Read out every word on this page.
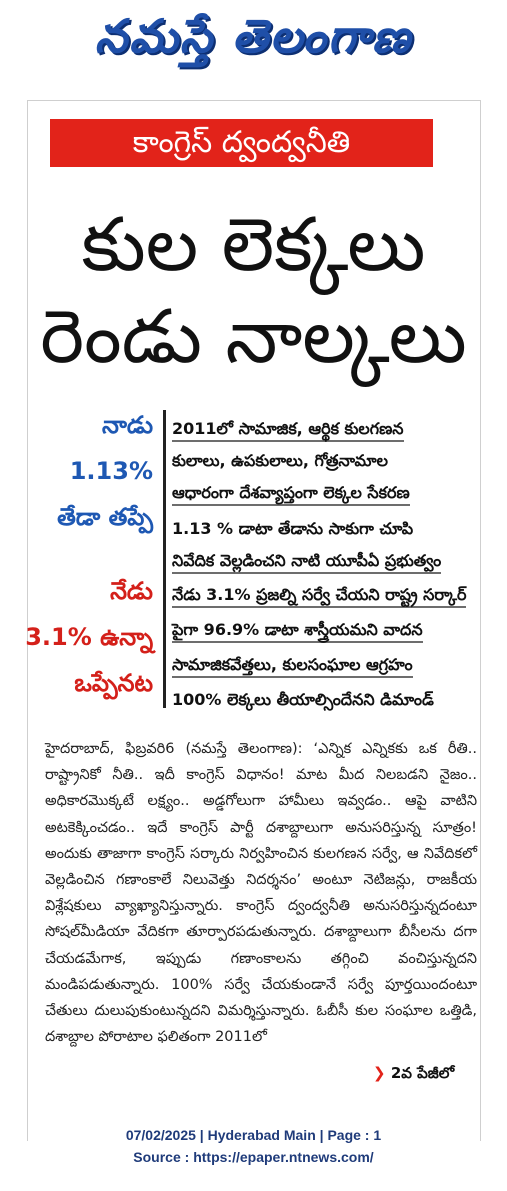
నమస్తే తెలంగాణ
కాంగ్రెస్ ద్వంద్వనీతి
కుల లెక్కలు
రెండు నాల్కలు
నాడు
1.13%
తేడా తప్పే
నేడు
3.1% ఉన్నా
ఒప్పేనట
2011లో సామాజిక, ఆర్థిక కులగణన
కులాలు, ఉపకులాలు, గోత్రనామాల
ఆధారంగా దేశవ్యాప్తంగా లెక్కల సేకరణ
1.13 % డాటా తేడాను సాకుగా చూపి
నివేదిక వెల్లడించని నాటి యూపీఏ ప్రభుత్వం
నేడు 3.1% ప్రజల్ని సర్వే చేయని రాష్ట్ర సర్కార్
పైగా 96.9% డాటా శాస్త్రీయమని వాదన
సామాజికవేత్తలు, కులసంఘాల ఆగ్రహం
100% లెక్కలు తీయాల్సిందేనని డిమాండ్

హైదరాబాద్, ఫిబ్రవరి6 (నమస్తే తెలంగాణ): ‘ఎన్నిక ఎన్నికకు ఒక రీతి.. రాష్ట్రానికో నీతి.. ఇదీ కాంగ్రెస్ విధానం! మాట మీద నిలబడని నైజం.. అధికారమొక్కటే లక్ష్యం.. అడ్డగోలుగా హామీలు ఇవ్వడం.. ఆపై వాటిని అటకెక్కించడం.. ఇదే కాంగ్రెస్ పార్టీ దశాబ్దాలుగా అనుసరిస్తున్న సూత్రం! అందుకు తాజాగా కాంగ్రెస్ సర్కారు నిర్వహించిన కులగణన సర్వే, ఆ నివేదికలో వెల్లడించిన గణాంకాలే నిలువెత్తు నిదర్శనం’ అంటూ నెటిజన్లు, రాజకీయ విశ్లేషకులు వ్యాఖ్యానిస్తున్నారు. కాంగ్రెస్ ద్వంద్వనీతి అనుసరిస్తున్నదంటూ సోషల్‌మీడియా వేదికగా తూర్పారపడుతున్నారు. దశాబ్దాలుగా బీసీలను దగా చేయడమేగాక, ఇప్పుడు గణాంకాలను తగ్గించి వంచిస్తున్నదని మండిపడుతున్నారు. 100% సర్వే చేయకుండానే సర్వే పూర్తయిందంటూ చేతులు దులుపుకుంటున్నదని విమర్శిస్తున్నారు. ఓబీసీ కుల సంఘాల ఒత్తిడి, దశాబ్దాల పోరాటాల ఫలితంగా 2011లో

❯ 2వ పేజీలో
07/02/2025 | Hyderabad Main | Page : 1
Source : https://epaper.ntnews.com/
